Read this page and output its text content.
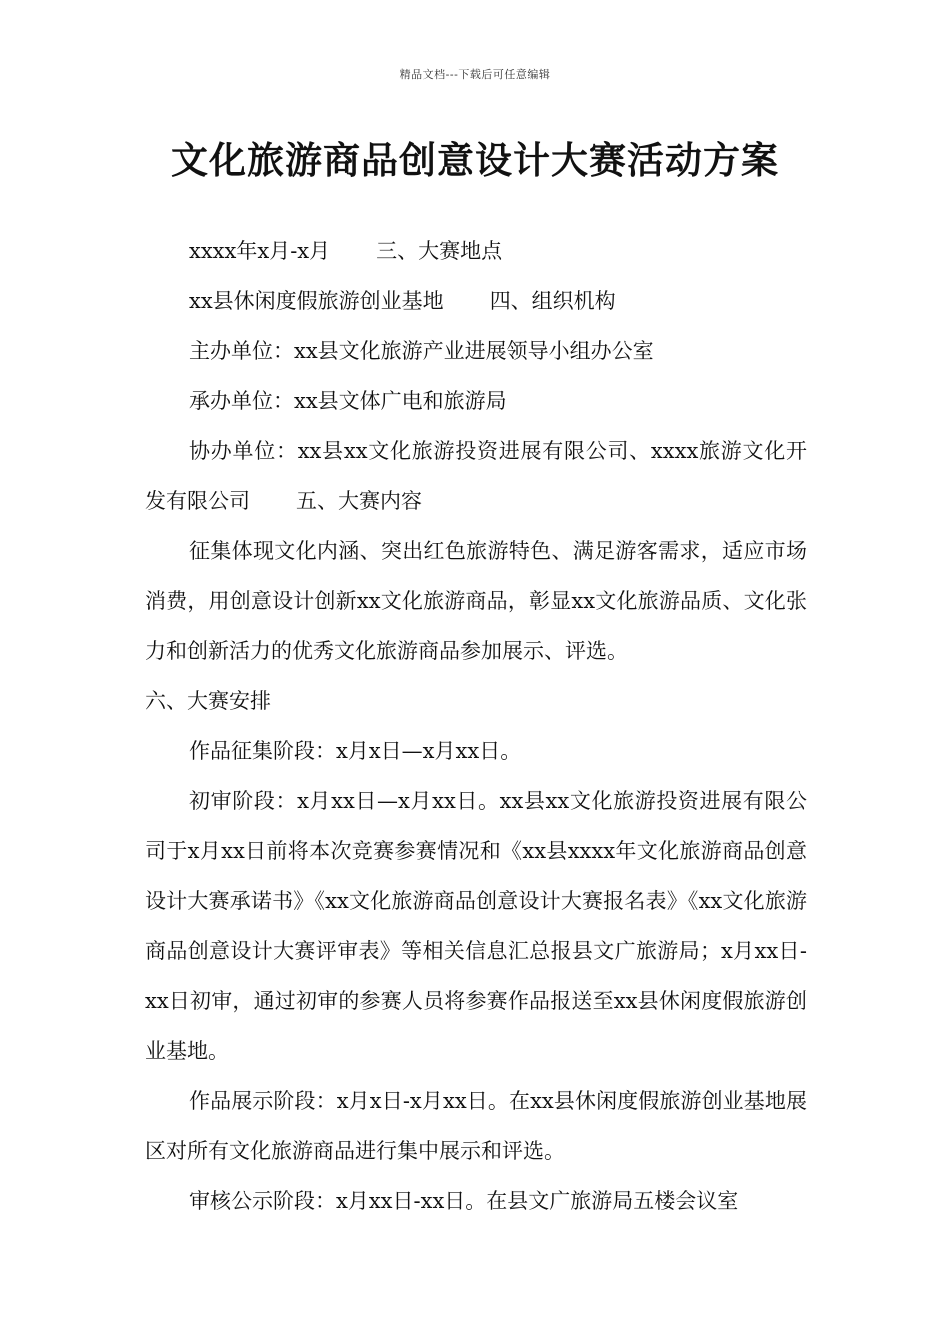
精品文档---下载后可任意编辑
文化旅游商品创意设计大赛活动方案

xxxx年x月-x月 三、大赛地点

xx县休闲度假旅游创业基地 四、组织机构

主办单位：xx县文化旅游产业进展领导小组办公室

承办单位：xx县文体广电和旅游局

协办单位：xx县xx文化旅游投资进展有限公司、xxxx旅游文化开发有限公司 五、大赛内容

征集体现文化内涵、突出红色旅游特色、满足游客需求，适应市场消费，用创意设计创新xx文化旅游商品，彰显xx文化旅游品质、文化张力和创新活力的优秀文化旅游商品参加展示、评选。

六、大赛安排

作品征集阶段：x月x日—x月xx日。

初审阶段：x月xx日—x月xx日。xx县xx文化旅游投资进展有限公司于x月xx日前将本次竞赛参赛情况和《xx县xxxx年文化旅游商品创意设计大赛承诺书》《xx文化旅游商品创意设计大赛报名表》《xx文化旅游商品创意设计大赛评审表》等相关信息汇总报县文广旅游局；x月xx日-xx日初审，通过初审的参赛人员将参赛作品报送至xx县休闲度假旅游创业基地。

作品展示阶段：x月x日-x月xx日。在xx县休闲度假旅游创业基地展区对所有文化旅游商品进行集中展示和评选。

审核公示阶段：x月xx日-xx日。在县文广旅游局五楼会议室
